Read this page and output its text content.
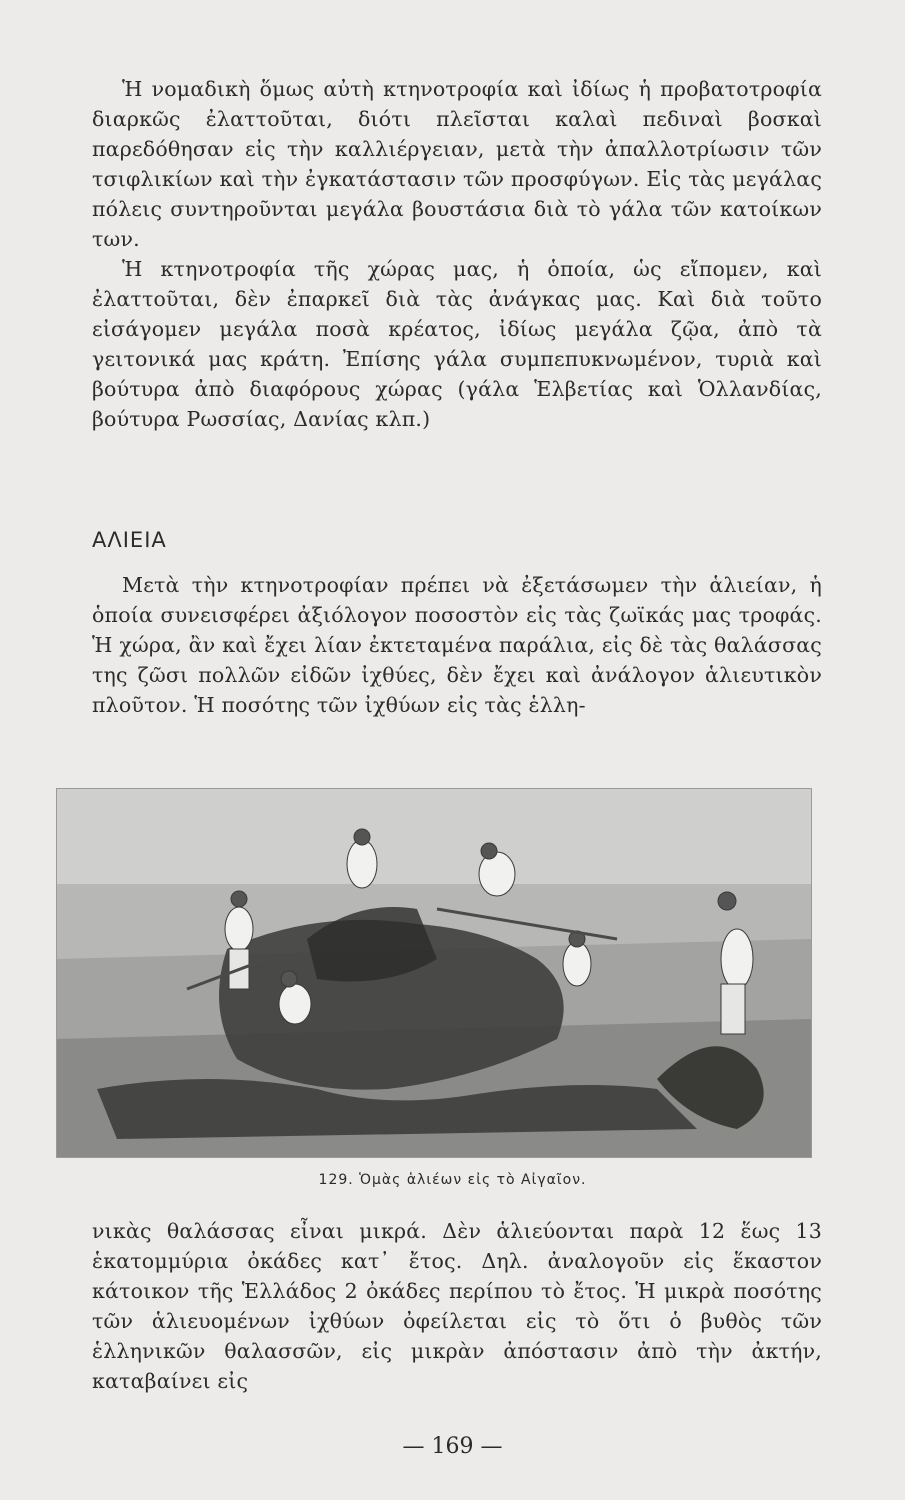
Ἡ νομαδικὴ ὅμως αὐτὴ κτηνοτροφία καὶ ἰδίως ἡ προβατοτροφία διαρκῶς ἐλαττοῦται, διότι πλεῖσται καλαὶ πεδιναὶ βοσκαὶ παρεδόθησαν εἰς τὴν καλλιέργειαν, μετὰ τὴν ἀπαλλοτρίωσιν τῶν τσιφλικίων καὶ τὴν ἐγκατάστασιν τῶν προσφύγων. Εἰς τὰς μεγάλας πόλεις συντηροῦνται μεγάλα βουστάσια διὰ τὸ γάλα τῶν κατοίκων των.

Ἡ κτηνοτροφία τῆς χώρας μας, ἡ ὁποία, ὡς εἴπομεν, καὶ ἐλαττοῦται, δὲν ἐπαρκεῖ διὰ τὰς ἀνάγκας μας. Καὶ διὰ τοῦτο εἰσάγομεν μεγάλα ποσὰ κρέατος, ἰδίως μεγάλα ζῷα, ἀπὸ τὰ γειτονικά μας κράτη. Ἐπίσης γάλα συμπεπυκνωμένον, τυριὰ καὶ βούτυρα ἀπὸ διαφόρους χώρας (γάλα Ἑλβετίας καὶ Ὁλλανδίας, βούτυρα Ρωσσίας, Δανίας κλπ.)

ΑΛΙΕΙΑ

Μετὰ τὴν κτηνοτροφίαν πρέπει νὰ ἐξετάσωμεν τὴν ἁλιείαν, ἡ ὁποία συνεισφέρει ἀξιόλογον ποσοστὸν εἰς τὰς ζωϊκάς μας τροφάς. Ἡ χώρα, ἂν καὶ ἔχει λίαν ἐκτεταμένα παράλια, εἰς δὲ τὰς θαλάσσας της ζῶσι πολλῶν εἰδῶν ἰχθύες, δὲν ἔχει καὶ ἀνάλογον ἁλιευτικὸν πλοῦτον. Ἡ ποσότης τῶν ἰχθύων εἰς τὰς ἑλλη-

129. Ὁμὰς ἁλιέων εἰς τὸ Αἰγαῖον.

νικὰς θαλάσσας εἶναι μικρά. Δὲν ἁλιεύονται παρὰ 12 ἕως 13 ἑκατομμύρια ὀκάδες κατ᾽ ἔτος. Δηλ. ἀναλογοῦν εἰς ἕκαστον κάτοικον τῆς Ἑλλάδος 2 ὀκάδες περίπου τὸ ἔτος. Ἡ μικρὰ ποσότης τῶν ἁλιευομένων ἰχθύων ὀφείλεται εἰς τὸ ὅτι ὁ βυθὸς τῶν ἑλληνικῶν θαλασσῶν, εἰς μικρὰν ἀπόστασιν ἀπὸ τὴν ἀκτήν, καταβαίνει εἰς

— 169 —
